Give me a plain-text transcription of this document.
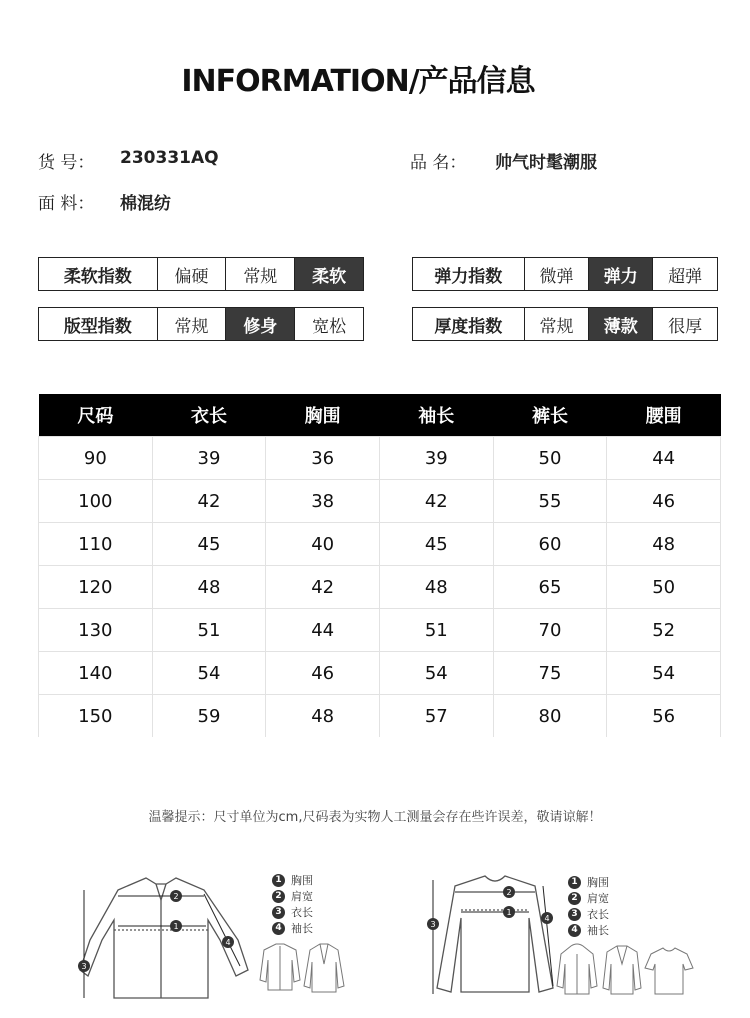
INFORMATION/产品信息
货 号： 230331AQ	品 名： 帅气时髦潮服
面 料： 棉混纺
柔软指数	偏硬	常规	柔软	弹力指数	微弹	弹力	超弹
版型指数	常规	修身	宽松	厚度指数	常规	薄款	很厚
尺码	衣长	胸围	袖长	裤长	腰围
90	39	36	39	50	44
100	42	38	42	55	46
110	45	40	45	60	48
120	48	42	48	65	50
130	51	44	51	70	52
140	54	46	54	75	54
150	59	48	57	80	56
温馨提示：尺寸单位为cm,尺码表为实物人工测量会存在些许误差，敬请谅解！
2
1
4
3
1 胸围
2 肩宽
3 衣长
4 袖长
2
1
3
4
1 胸围
2 肩宽
3 衣长
4 袖长
